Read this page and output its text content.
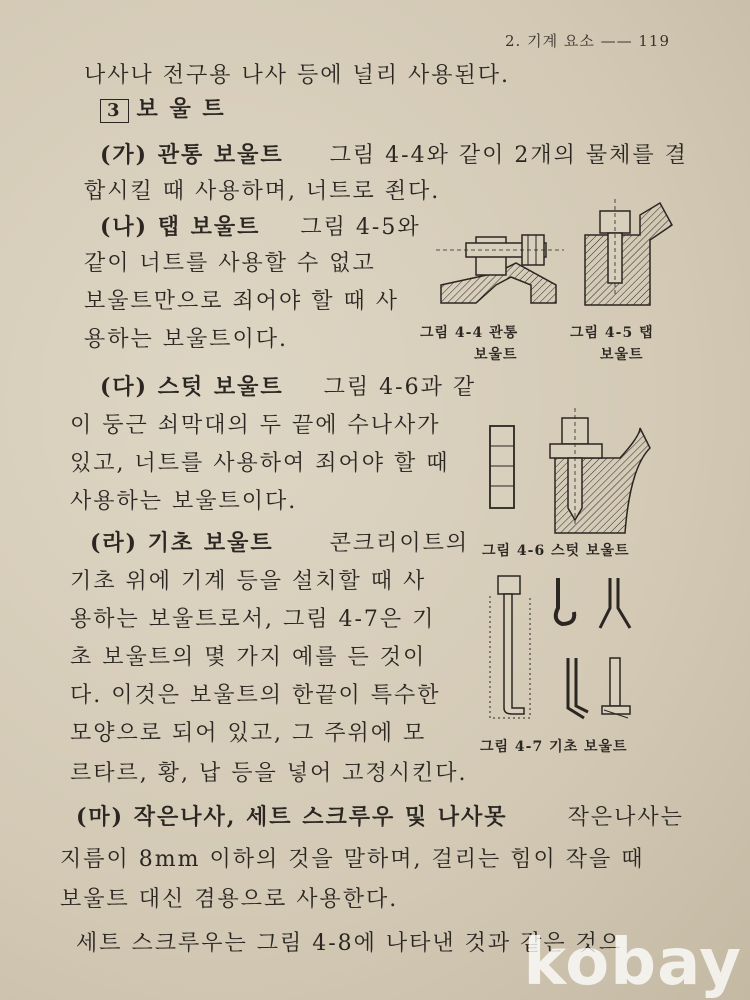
2. 기계 요소 —— 119
나사나 전구용 나사 등에 널리 사용된다.
3 보 울 트
(가) 관통 보울트 그림 4-4와 같이 2개의 물체를 결
합시킬 때 사용하며, 너트로 죈다.
(나) 탭 보울트 그림 4-5와
같이 너트를 사용할 수 없고
보울트만으로 죄어야 할 때 사
용하는 보울트이다.
(다) 스텃 보울트 그림 4-6과 같
이 둥근 쇠막대의 두 끝에 수나사가
있고, 너트를 사용하여 죄어야 할 때
사용하는 보울트이다.
(라) 기초 보울트	콘크리이트의
기초 위에 기계 등을 설치할 때 사
용하는 보울트로서, 그림 4-7은 기
초 보울트의 몇 가지 예를 든 것이
다. 이것은 보울트의 한끝이 특수한
모양으로 되어 있고, 그 주위에 모
르타르, 황, 납 등을 넣어 고정시킨다.
(마) 작은나사, 세트 스크루우 및 나사못	작은나사는
지름이 8mm 이하의 것을 말하며, 걸리는 힘이 작을 때
보울트 대신 겸용으로 사용한다.
세트 스크루우는 그림 4-8에 나타낸 것과 같은 것으
그림 4-4 관통
보울트
그림 4-5 탭
보울트
그림 4-6 스텃 보울트
그림 4-7 기초 보울트
kobay
